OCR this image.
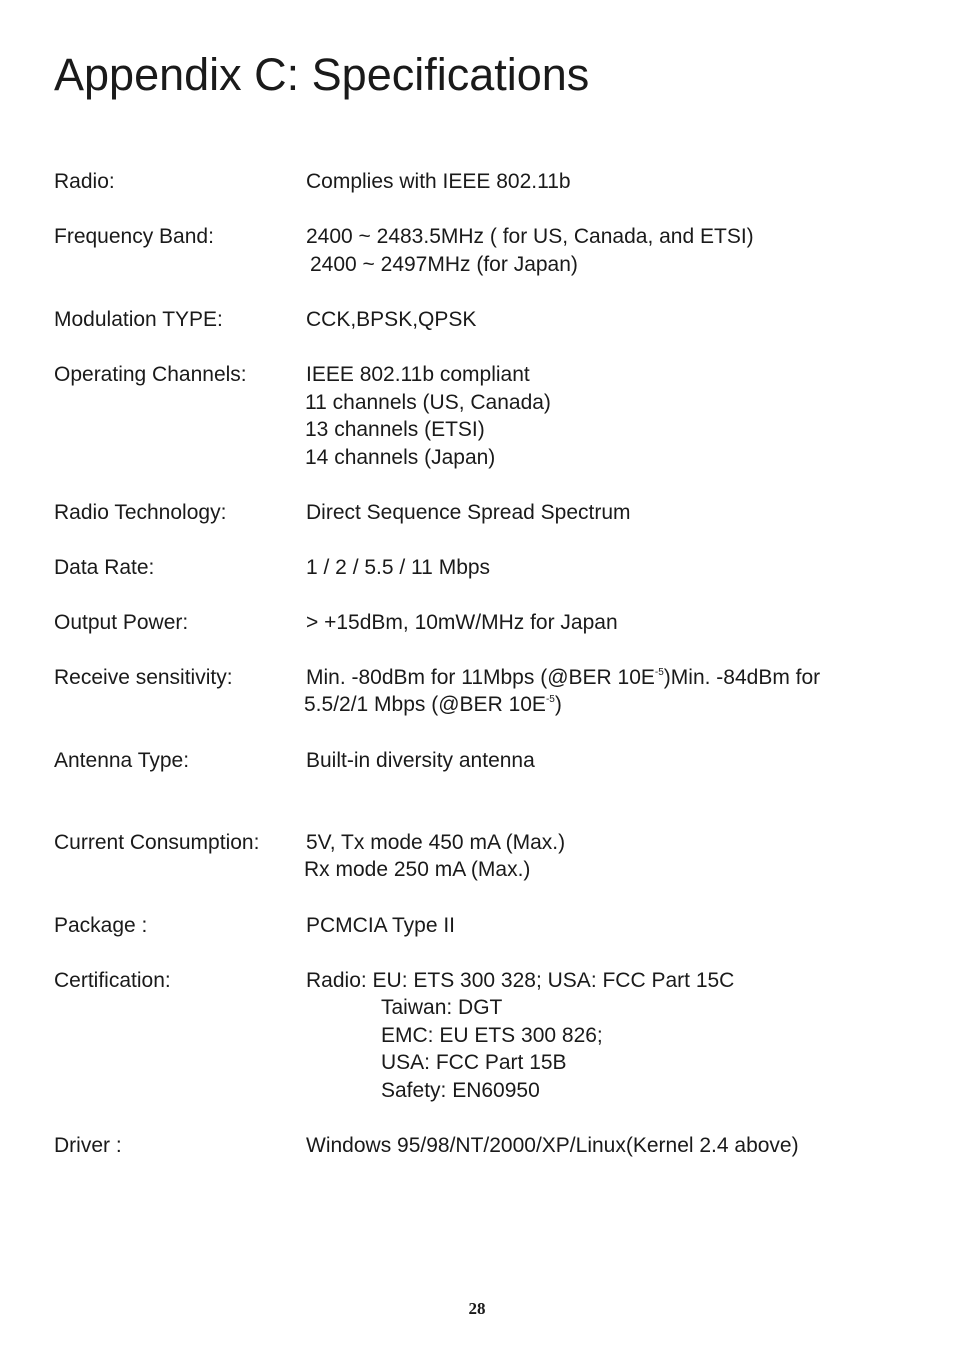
Appendix C: Specifications
Radio:	Complies with IEEE 802.11b
Frequency Band:	2400 ~ 2483.5MHz ( for US, Canada, and ETSI)
2400 ~ 2497MHz (for Japan)
Modulation TYPE:	CCK,BPSK,QPSK
Operating Channels:	IEEE 802.11b compliant
11 channels (US, Canada)
13 channels (ETSI)
14 channels (Japan)
Radio Technology:	Direct Sequence Spread Spectrum
Data Rate:	1 / 2 / 5.5 / 11 Mbps
Output Power:	> +15dBm, 10mW/MHz for Japan
Receive sensitivity:	Min. -80dBm for 11Mbps (@BER $10E^{-5})Min$. -84dBm for
5.5/2/1 Mbps (@BER $10E^{-5}$)
Antenna Type:	Built-in diversity antenna
Current Consumption: 5V, Tx mode 450 mA (Max.)
Rx mode 250 mA (Max.)
Package :	PCMCIA Type II
Certification:	Radio: EU: ETS 300 328; USA: FCC Part 15C
Taiwan: DGT
EMC: EU ETS 300 826;
USA: FCC Part 15B
Safety: EN60950
Driver :	Windows 95/98/NT/2000/XP/Linux(Kernel 2.4 above)
28
